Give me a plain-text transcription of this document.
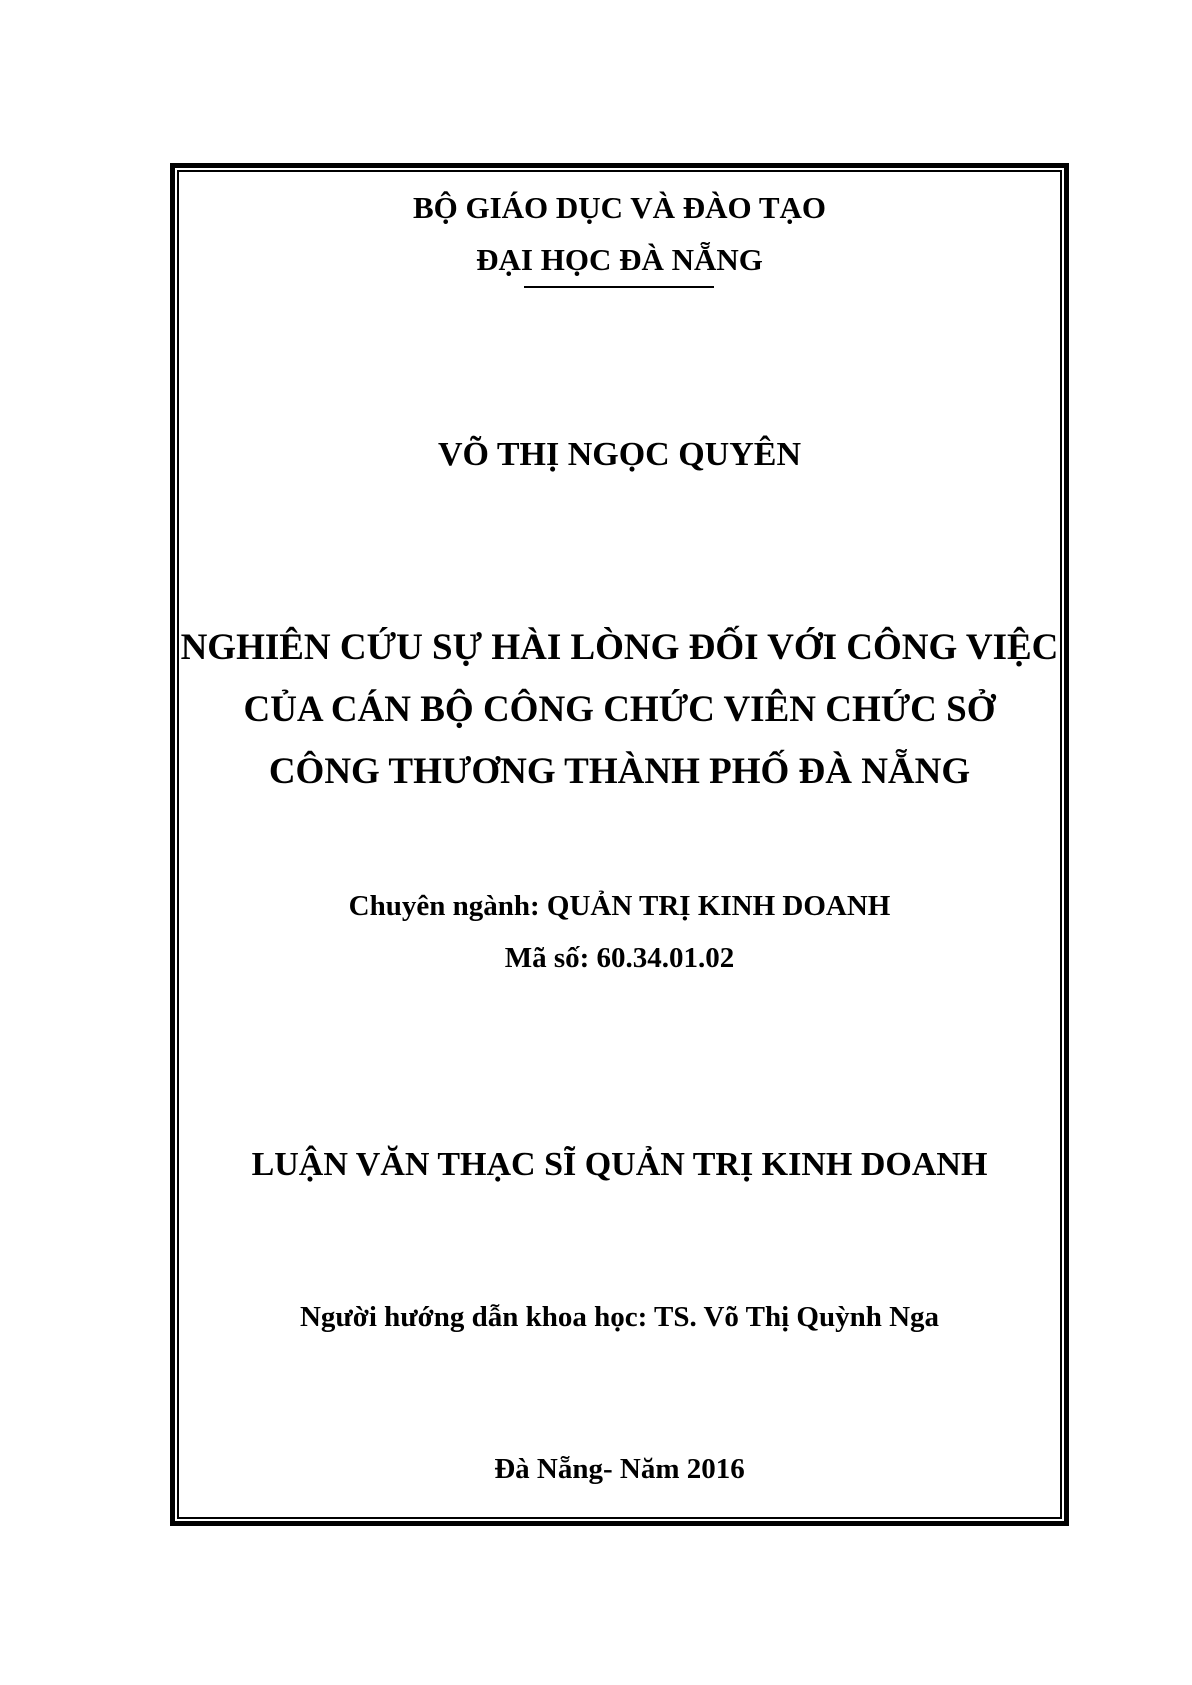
BỘ GIÁO DỤC VÀ ĐÀO TẠO
ĐẠI HỌC ĐÀ NẴNG
VÕ THỊ NGỌC QUYÊN
NGHIÊN CỨU SỰ HÀI LÒNG ĐỐI VỚI CÔNG VIỆC
CỦA CÁN BỘ CÔNG CHỨC VIÊN CHỨC SỞ
CÔNG THƯƠNG THÀNH PHỐ ĐÀ NẴNG
Chuyên ngành: QUẢN TRỊ KINH DOANH
Mã số: 60.34.01.02
LUẬN VĂN THẠC SĨ QUẢN TRỊ KINH DOANH
Người hướng dẫn khoa học: TS. Võ Thị Quỳnh Nga
Đà Nẵng- Năm 2016
